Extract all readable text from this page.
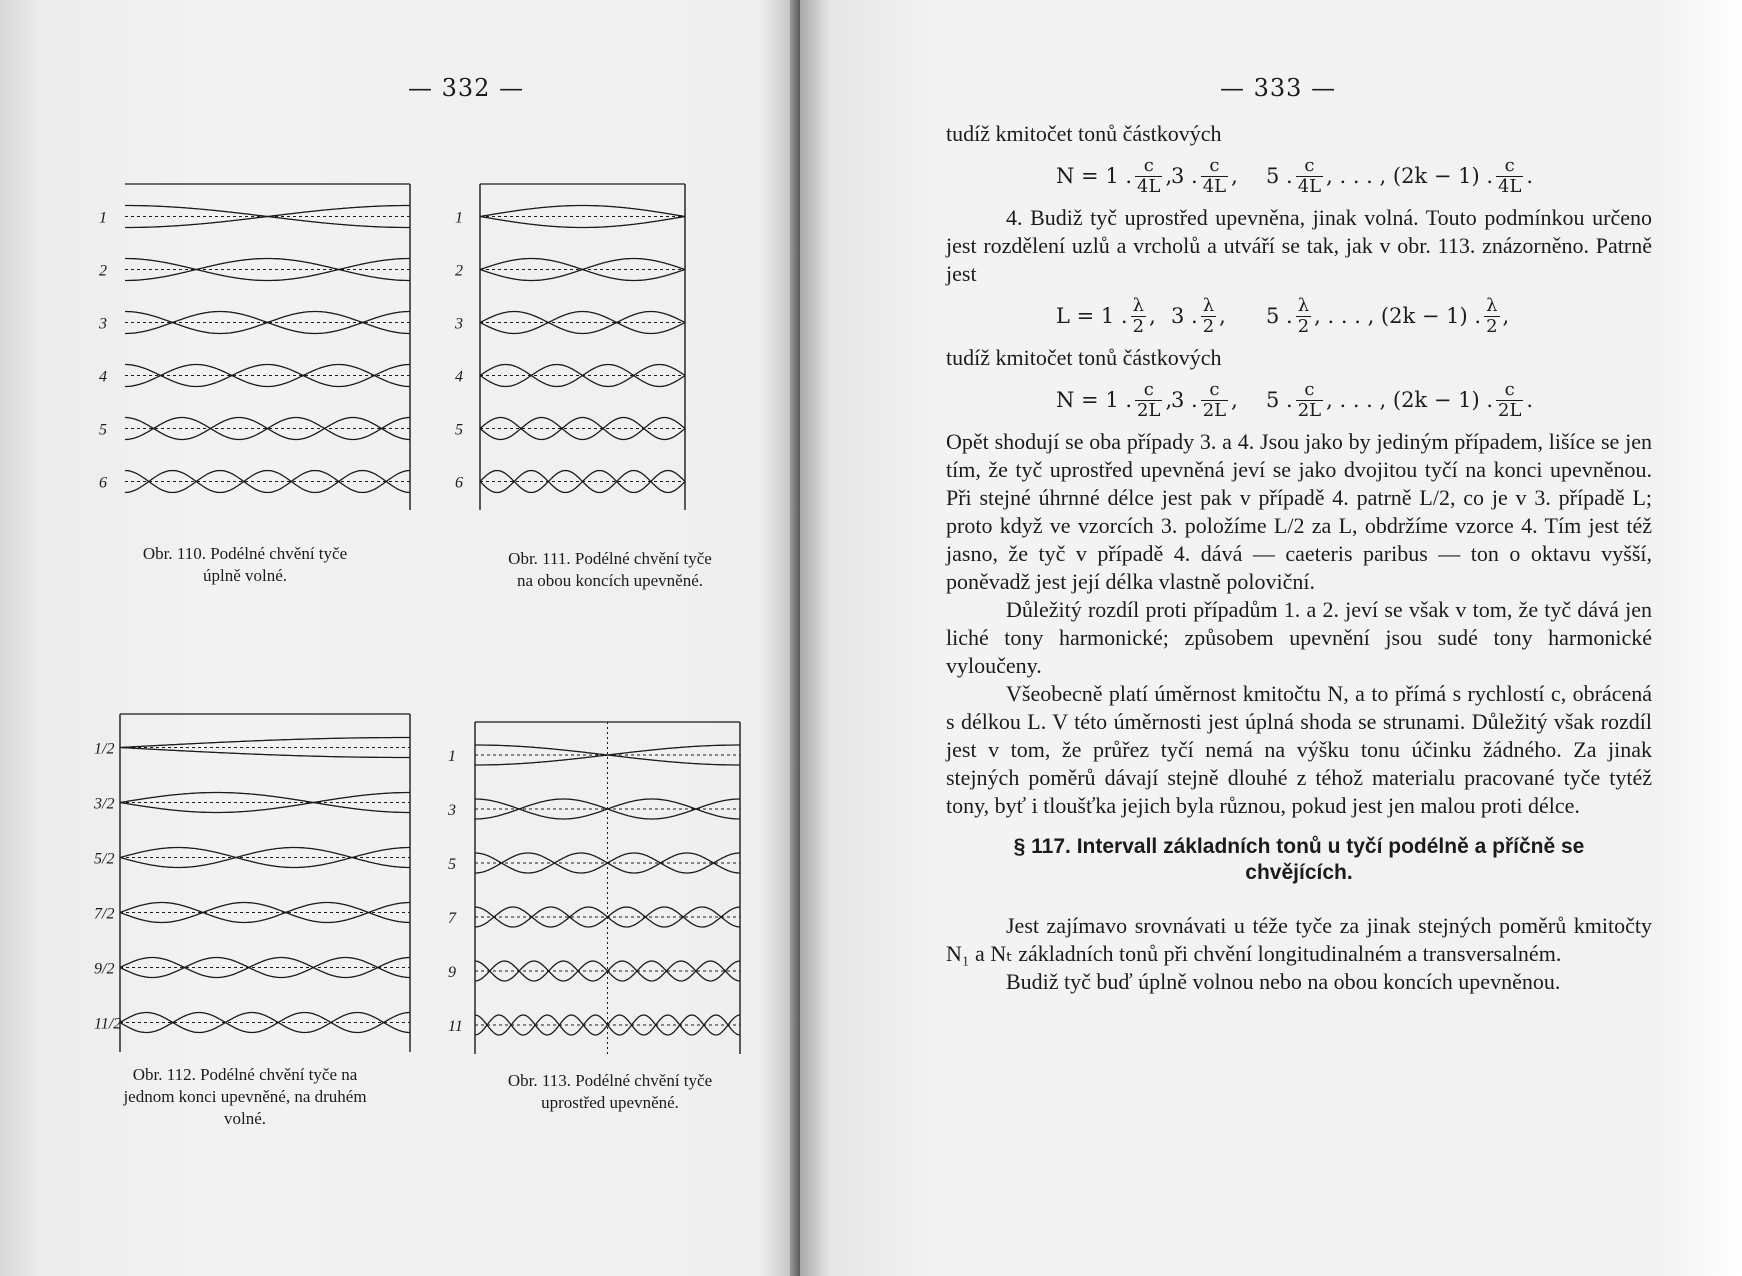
— 332 —
1
2
3
4
5
6
Obr. 110. Podélné chvění tyče
úplně volné.
1
2
3
4
5
6
Obr. 111. Podélné chvění tyče
na obou koncích upevněné.
1/2
3/2
5/2
7/2
9/2
11/2
Obr. 112. Podélné chvění tyče na
jednom konci upevněné, na druhém
volné.
1
3
5
7
9
11
Obr. 113. Podélné chvění tyče
uprostřed upevněné.
— 333 —

tudíž kmitočet tonů částkových

N = 1 . $\frac{c}{4L}$ ,
3 . $\frac{c}{4L}$ , 5 . $\frac{c}{4L}$ , . . . , (2k − 1) . $\frac{c}{4L}$ .

4. Budiž tyč uprostřed upevněna, jinak volná. Touto podmínkou určeno jest rozdělení uzlů a vrcholů a utváří se tak, jak v obr. 113. znázorněno. Patrně jest

L = 1 . $\frac{\lambda}{2}$ , 3 . $\frac{\lambda}{2}$ , 5 . $\frac{\lambda}{2}$ , . . . , (2k − 1) . $\frac{\lambda}{2}$ ,

tudíž kmitočet tonů částkových

N = 1 . $\frac{c}{2L}$ ,
3 . $\frac{c}{2L}$ , 5 . $\frac{c}{2L}$ , . . . , (2k − 1) . $\frac{c}{2L}$ .

Opět shodují se oba případy 3. a 4. Jsou jako by jediným případem, lišíce se jen tím, že tyč uprostřed upevněná jeví se jako dvojitou tyčí na konci upevněnou. Při stejné úhrnné délce jest pak v případě 4. patrně L/2, co je v 3. případě L; proto když ve vzorcích 3. položíme L/2 za L, obdržíme vzorce 4. Tím jest též jasno, že tyč v případě 4. dává — caeteris paribus — ton o oktavu vyšší, poněvadž jest její délka vlastně poloviční.

Důležitý rozdíl proti případům 1. a 2. jeví se však v tom, že tyč dává jen liché tony harmonické; způsobem upevnění jsou sudé tony harmonické vyloučeny.

Všeobecně platí úměrnost kmitočtu N, a to přímá s rychlostí c, obrácená s délkou L. V této úměrnosti jest úplná shoda se strunami. Důležitý však rozdíl jest v tom, že průřez tyčí nemá na výšku tonu účinku žádného. Za jinak stejných poměrů dávají stejně dlouhé z téhož materialu pracované tyče tytéž tony, byť i tloušťka jejich byla různou, pokud jest jen malou proti délce.

§ 117. Intervall základních tonů u tyčí podélně a příčně se
chvějících.

Jest zajímavo srovnávati u téže tyče za jinak stejných poměrů kmitočty N₁ a Nₜ základních tonů při chvění longitudinalném a transversalném.

Budiž tyč buď úplně volnou nebo na obou koncích upevněnou.
